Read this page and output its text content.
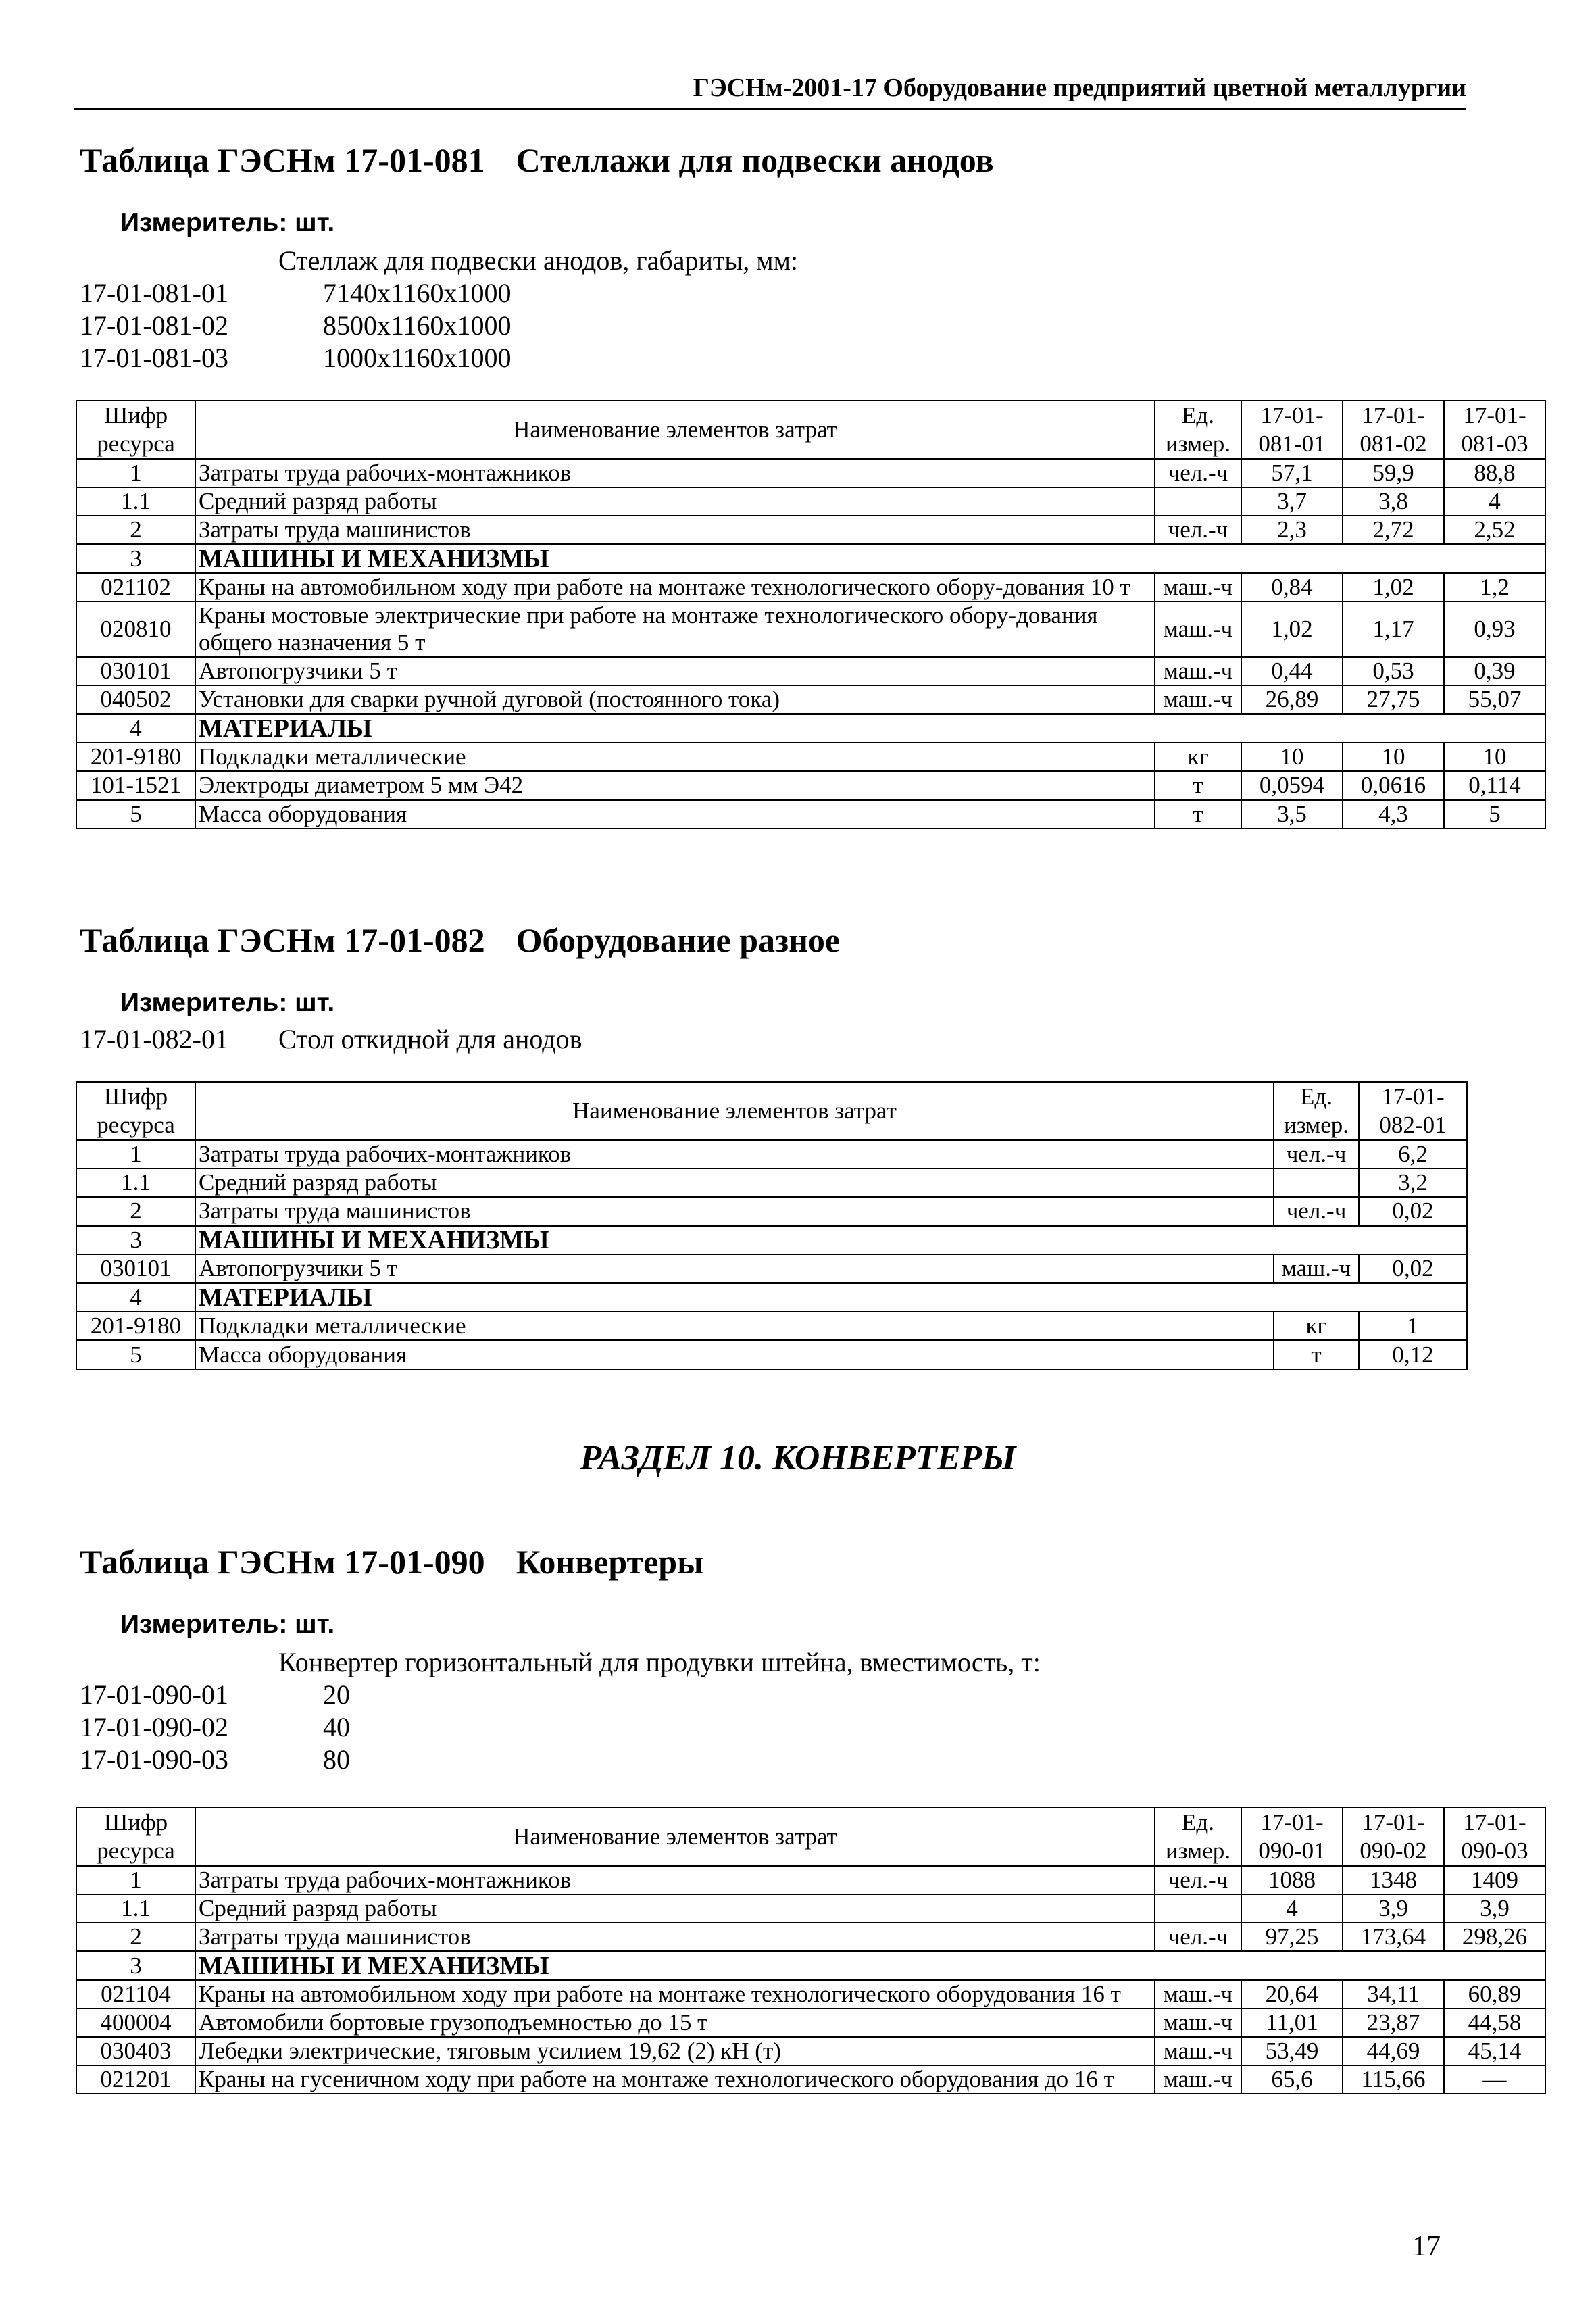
ГЭСНм-2001-17 Оборудование предприятий цветной металлургии
Таблица ГЭСНм 17-01-081 Стеллажи для подвески анодов
Измеритель: шт.
Стеллаж для подвески анодов, габариты, мм:
17-01-081-01	7140x1160x1000
17-01-081-02	8500x1160x1000
17-01-081-03	1000x1160x1000
Шифр ресурса	Наименование элементов затрат	Ед. измер.	17-01-081-01	17-01-081-02	17-01-081-03
1	Затраты труда рабочих-монтажников	чел.-ч	57,1	59,9	88,8
1.1	Средний разряд работы		3,7	3,8	4
2	Затраты труда машинистов	чел.-ч	2,3	2,72	2,52
3	МАШИНЫ И МЕХАНИЗМЫ				
021102	Краны на автомобильном ходу при работе на монтаже технологического обору-дования 10 т	маш.-ч	0,84	1,02	1,2
020810	Краны мостовые электрические при работе на монтаже технологического обору-дования общего назначения 5 т	маш.-ч	1,02	1,17	0,93
030101	Автопогрузчики 5 т	маш.-ч	0,44	0,53	0,39
040502	Установки для сварки ручной дуговой (постоянного тока)	маш.-ч	26,89	27,75	55,07
4	МАТЕРИАЛЫ				
201-9180	Подкладки металлические	кг	10	10	10
101-1521	Электроды диаметром 5 мм Э42	т	0,0594	0,0616	0,114
5	Масса оборудования	т	3,5	4,3	5
Таблица ГЭСНм 17-01-082 Оборудование разное
Измеритель: шт.
17-01-082-01 Стол откидной для анодов
Шифр ресурса	Наименование элементов затрат	Ед. измер.	17-01-082-01
1	Затраты труда рабочих-монтажников	чел.-ч	6,2
1.1	Средний разряд работы		3,2
2	Затраты труда машинистов	чел.-ч	0,02
3	МАШИНЫ И МЕХАНИЗМЫ		
030101	Автопогрузчики 5 т	маш.-ч	0,02
4	МАТЕРИАЛЫ		
201-9180	Подкладки металлические	кг	1
5	Масса оборудования	т	0,12
РАЗДЕЛ 10. КОНВЕРТЕРЫ
Таблица ГЭСНм 17-01-090 Конвертеры
Измеритель: шт.
Конвертер горизонтальный для продувки штейна, вместимость, т:
17-01-090-01	20
17-01-090-02	40
17-01-090-03	80
Шифр ресурса	Наименование элементов затрат	Ед. измер.	17-01-090-01	17-01-090-02	17-01-090-03
1	Затраты труда рабочих-монтажников	чел.-ч	1088	1348	1409
1.1	Средний разряд работы		4	3,9	3,9
2	Затраты труда машинистов	чел.-ч	97,25	173,64	298,26
3	МАШИНЫ И МЕХАНИЗМЫ				
021104	Краны на автомобильном ходу при работе на монтаже технологического оборудования 16 т	маш.-ч	20,64	34,11	60,89
400004	Автомобили бортовые грузоподъемностью до 15 т	маш.-ч	11,01	23,87	44,58
030403	Лебедки электрические, тяговым усилием 19,62 (2) кН (т)	маш.-ч	53,49	44,69	45,14
021201	Краны на гусеничном ходу при работе на монтаже технологического оборудования до 16 т	маш.-ч	65,6	115,66	—
17
